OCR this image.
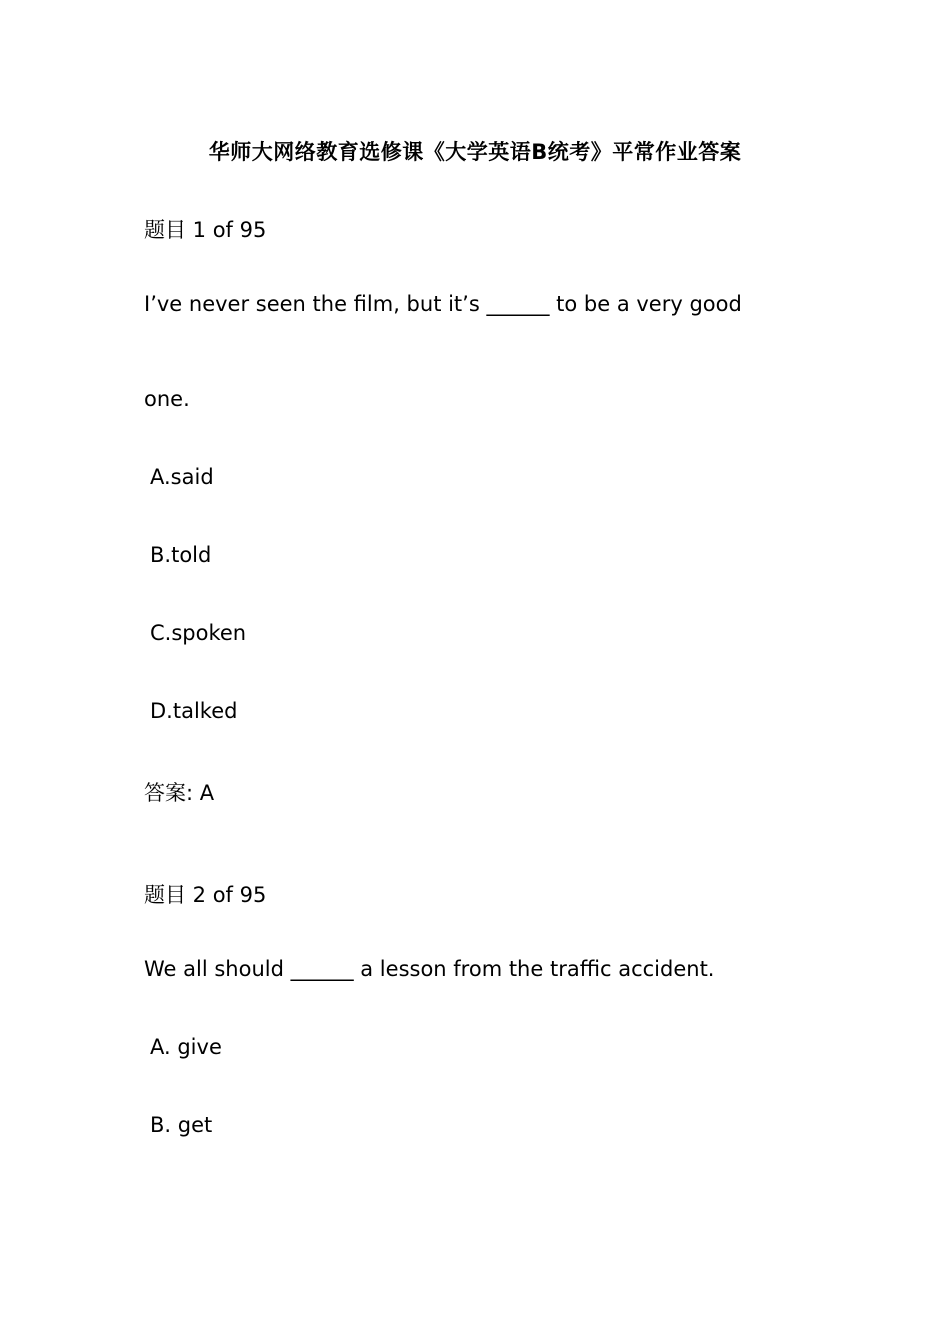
华师大网络教育选修课《大学英语B统考》平常作业答案
题目 1 of 95
I’ve never seen the film, but it’s ______ to be a very good
one.
A.said
B.told
C.spoken
D.talked
答案: A
题目 2 of 95
We all should ______ a lesson from the traffic accident.
A. give
B. get
